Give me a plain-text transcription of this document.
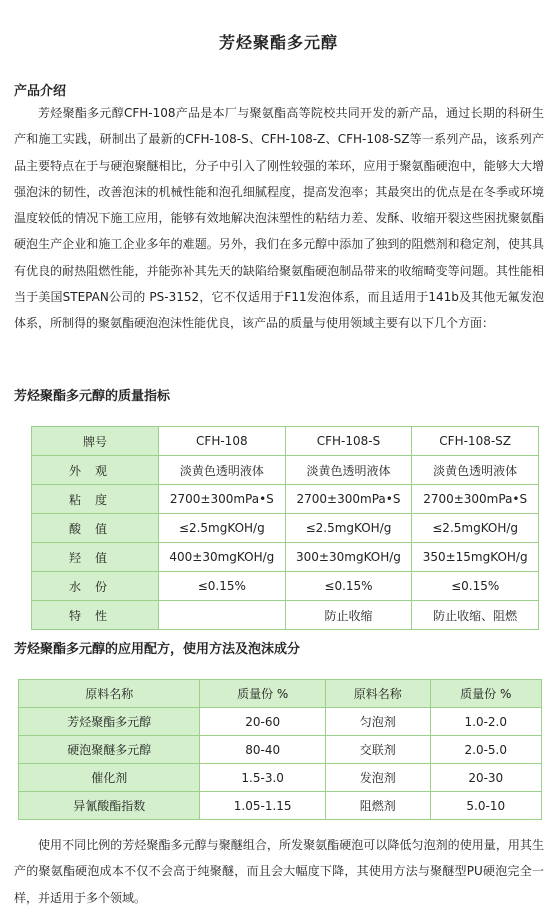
芳烃聚酯多元醇
产品介绍

芳烃聚酯多元醇CFH-108产品是本厂与聚氨酯高等院校共同开发的新产品，通过长期的科研生产和施工实践，研制出了最新的CFH-108-S、CFH-108-Z、CFH-108-SZ等一系列产品，该系列产品主要特点在于与硬泡聚醚相比，分子中引入了刚性较强的苯环，应用于聚氨酯硬泡中，能够大大增强泡沫的韧性，改善泡沫的机械性能和泡孔细腻程度，提高发泡率；其最突出的优点是在冬季或环境温度较低的情况下施工应用，能够有效地解决泡沫塑性的粘结力差、发酥、收缩开裂这些困扰聚氨酯硬泡生产企业和施工企业多年的难题。另外，我们在多元醇中添加了独到的阻燃剂和稳定剂，使其具有优良的耐热阻燃性能，并能弥补其先天的缺陷给聚氨酯硬泡制品带来的收缩畸变等问题。其性能相当于美国STEPAN公司的 PS-3152，它不仅适用于F11发泡体系，而且适用于141b及其他无氟发泡体系，所制得的聚氨酯硬泡泡沫性能优良，该产品的质量与使用领域主要有以下几个方面：

芳烃聚酯多元醇的质量指标
牌号	CFH-108	CFH-108-S	CFH-108-SZ
外观	淡黄色透明液体	淡黄色透明液体	淡黄色透明液体
粘度	2700±300mPa•S	2700±300mPa•S	2700±300mPa•S
酸值	≤2.5mgKOH/g	≤2.5mgKOH/g	≤2.5mgKOH/g
羟值	400±30mgKOH/g	300±30mgKOH/g	350±15mgKOH/g
水份	≤0.15%	≤0.15%	≤0.15%
特性		防止收缩	防止收缩、阻燃
芳烃聚酯多元醇的应用配方，使用方法及泡沫成分
原料名称	质量份 %	原料名称	质量份 %
芳烃聚酯多元醇	20-60	匀泡剂	1.0-2.0
硬泡聚醚多元醇	80-40	交联剂	2.0-5.0
催化剂	1.5-3.0	发泡剂	20-30
异氰酸酯指数	1.05-1.15	阻燃剂	5.0-10

使用不同比例的芳烃聚酯多元醇与聚醚组合，所发聚氨酯硬泡可以降低匀泡剂的使用量，用其生产的聚氨酯硬泡成本不仅不会高于纯聚醚，而且会大幅度下降，其使用方法与聚醚型PU硬泡完全一样，并适用于多个领域。
